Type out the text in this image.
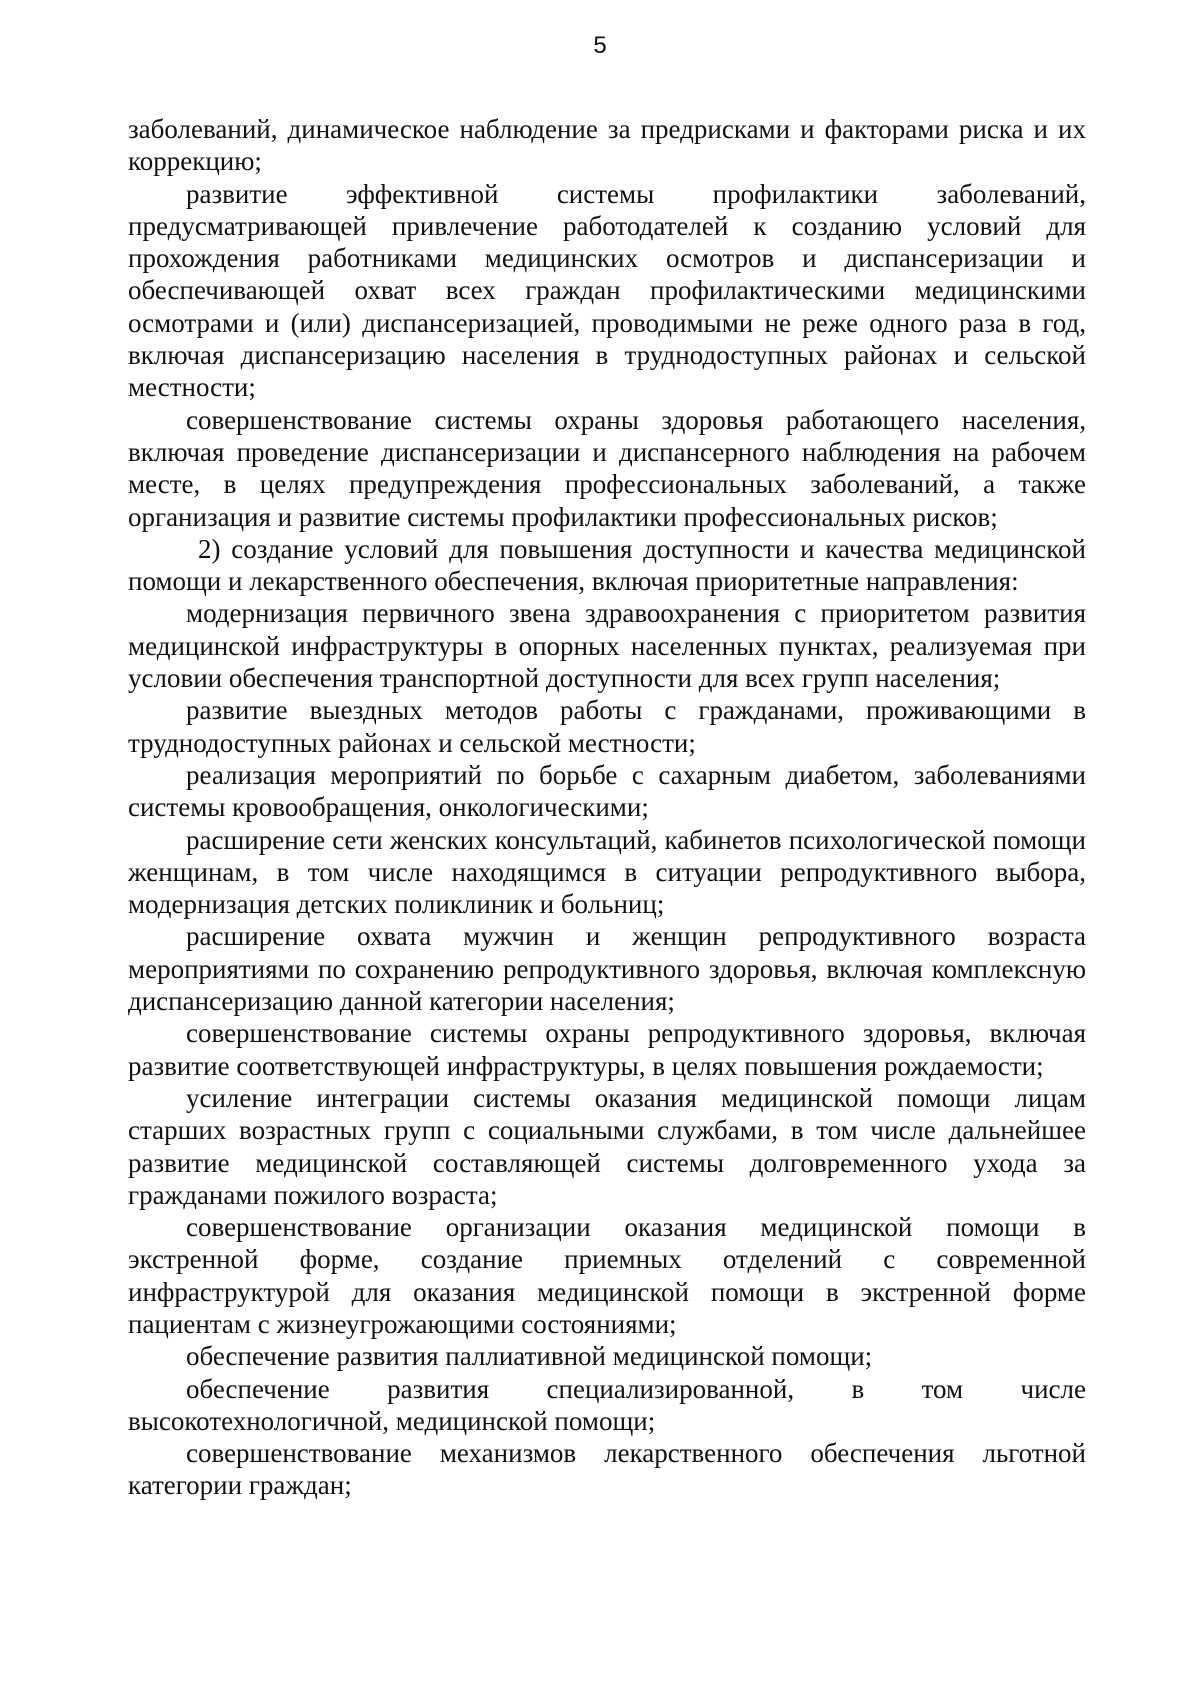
5

заболеваний, динамическое наблюдение за предрисками и факторами риска и их коррекцию;

развитие эффективной системы профилактики заболеваний, предусматривающей привлечение работодателей к созданию условий для прохождения работниками медицинских осмотров и диспансеризации и обеспечивающей охват всех граждан профилактическими медицинскими осмотрами и (или) диспансеризацией, проводимыми не реже одного раза в год, включая диспансеризацию населения в труднодоступных районах и сельской местности;

совершенствование системы охраны здоровья работающего населения, включая проведение диспансеризации и диспансерного наблюдения на рабочем месте, в целях предупреждения профессиональных заболеваний, а также организация и развитие системы профилактики профессиональных рисков;

2) создание условий для повышения доступности и качества медицинской помощи и лекарственного обеспечения, включая приоритетные направления:

модернизация первичного звена здравоохранения с приоритетом развития медицинской инфраструктуры в опорных населенных пунктах, реализуемая при условии обеспечения транспортной доступности для всех групп населения;

развитие выездных методов работы с гражданами, проживающими в труднодоступных районах и сельской местности;

реализация мероприятий по борьбе с сахарным диабетом, заболеваниями системы кровообращения, онкологическими;

расширение сети женских консультаций, кабинетов психологической помощи женщинам, в том числе находящимся в ситуации репродуктивного выбора, модернизация детских поликлиник и больниц;

расширение охвата мужчин и женщин репродуктивного возраста мероприятиями по сохранению репродуктивного здоровья, включая комплексную диспансеризацию данной категории населения;

совершенствование системы охраны репродуктивного здоровья, включая развитие соответствующей инфраструктуры, в целях повышения рождаемости;

усиление интеграции системы оказания медицинской помощи лицам старших возрастных групп с социальными службами, в том числе дальнейшее развитие медицинской составляющей системы долговременного ухода за гражданами пожилого возраста;

совершенствование организации оказания медицинской помощи в экстренной форме, создание приемных отделений с современной инфраструктурой для оказания медицинской помощи в экстренной форме пациентам с жизнеугрожающими состояниями;

обеспечение развития паллиативной медицинской помощи;

обеспечение развития специализированной, в том числе высокотехнологичной, медицинской помощи;

совершенствование механизмов лекарственного обеспечения льготной категории граждан;
